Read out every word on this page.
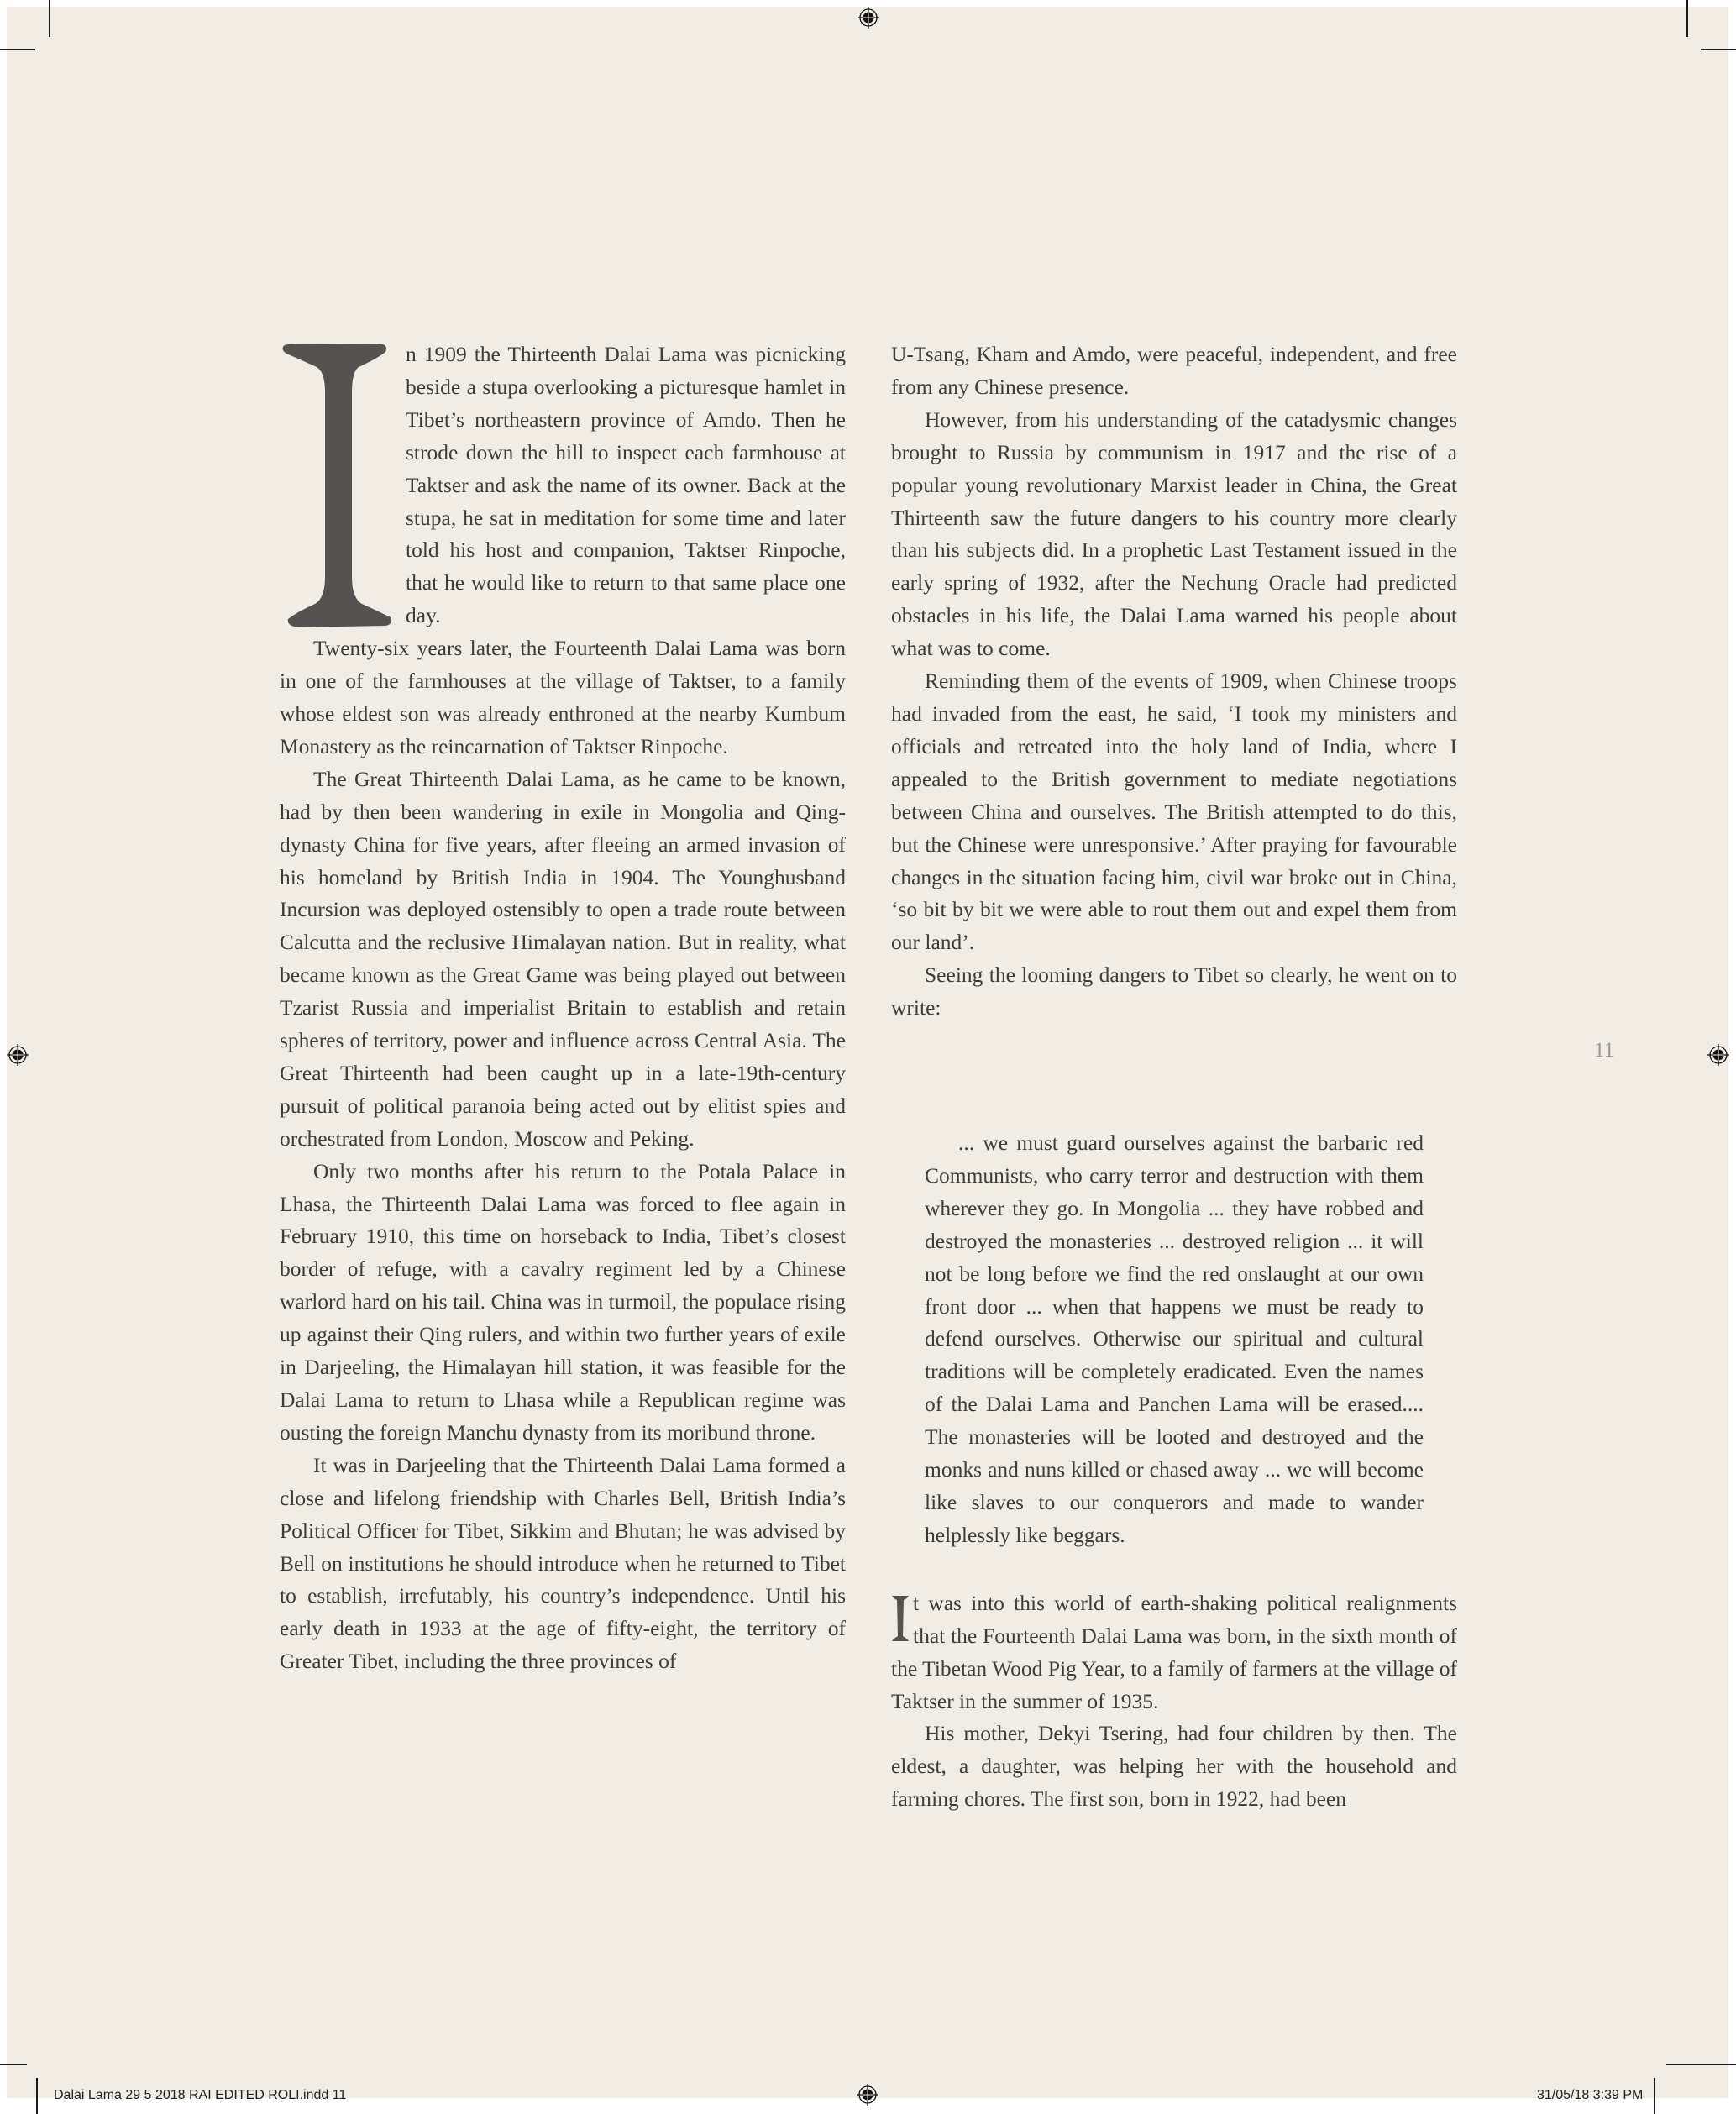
n 1909 the Thirteenth Dalai Lama was picnicking beside a stupa overlooking a picturesque hamlet in Tibet’s northeastern province of Amdo. Then he strode down the hill to inspect each farmhouse at Taktser and ask the name of its owner. Back at the stupa, he sat in meditation for some time and later told his host and companion, Taktser Rinpoche, that he would like to return to that same place one day.

Twenty-six years later, the Fourteenth Dalai Lama was born in one of the farmhouses at the village of Taktser, to a family whose eldest son was already enthroned at the nearby Kumbum Monastery as the reincarnation of Taktser Rinpoche.

The Great Thirteenth Dalai Lama, as he came to be known, had by then been wandering in exile in Mongolia and Qing-dynasty China for five years, after fleeing an armed invasion of his homeland by British India in 1904. The Younghusband Incursion was deployed ostensibly to open a trade route between Calcutta and the reclusive Himalayan nation. But in reality, what became known as the Great Game was being played out between Tzarist Russia and imperialist Britain to establish and retain spheres of territory, power and influence across Central Asia. The Great Thirteenth had been caught up in a late-19th-century pursuit of political paranoia being acted out by elitist spies and orchestrated from London, Moscow and Peking.

Only two months after his return to the Potala Palace in Lhasa, the Thirteenth Dalai Lama was forced to flee again in February 1910, this time on horseback to India, Tibet’s closest border of refuge, with a cavalry regiment led by a Chinese warlord hard on his tail. China was in turmoil, the populace rising up against their Qing rulers, and within two further years of exile in Darjeeling, the Himalayan hill station, it was feasible for the Dalai Lama to return to Lhasa while a Republican regime was ousting the foreign Manchu dynasty from its moribund throne.

It was in Darjeeling that the Thirteenth Dalai Lama formed a close and lifelong friendship with Charles Bell, British India’s Political Officer for Tibet, Sikkim and Bhutan; he was advised by Bell on institutions he should introduce when he returned to Tibet to establish, irrefutably, his country’s independence. Until his early death in 1933 at the age of fifty-eight, the territory of Greater Tibet, including the three provinces of

U-Tsang, Kham and Amdo, were peaceful, independent, and free from any Chinese presence.

However, from his understanding of the catadysmic changes brought to Russia by communism in 1917 and the rise of a popular young revolutionary Marxist leader in China, the Great Thirteenth saw the future dangers to his country more clearly than his subjects did. In a prophetic Last Testament issued in the early spring of 1932, after the Nechung Oracle had predicted obstacles in his life, the Dalai Lama warned his people about what was to come.

Reminding them of the events of 1909, when Chinese troops had invaded from the east, he said, ‘I took my ministers and officials and retreated into the holy land of India, where I appealed to the British government to mediate negotiations between China and ourselves. The British attempted to do this, but the Chinese were unresponsive.’ After praying for favourable changes in the situation facing him, civil war broke out in China, ‘so bit by bit we were able to rout them out and expel them from our land’.

Seeing the looming dangers to Tibet so clearly, he went on to write:

... we must guard ourselves against the barbaric red Communists, who carry terror and destruction with them wherever they go. In Mongolia ... they have robbed and destroyed the monasteries ... destroyed religion ... it will not be long before we find the red onslaught at our own front door ... when that happens we must be ready to defend ourselves. Otherwise our spiritual and cultural traditions will be completely eradicated. Even the names of the Dalai Lama and Panchen Lama will be erased.... The monasteries will be looted and destroyed and the monks and nuns killed or chased away ... we will become like slaves to our conquerors and made to wander helplessly like beggars.

t was into this world of earth-shaking political realignments that the Fourteenth Dalai Lama was born, in the sixth month of the Tibetan Wood Pig Year, to a family of farmers at the village of Taktser in the summer of 1935.

His mother, Dekyi Tsering, had four children by then. The eldest, a daughter, was helping her with the household and farming chores. The first son, born in 1922, had been

11
Dalai Lama 29 5 2018 RAI EDITED ROLI.indd 11	31/05/18 3:39 PM
